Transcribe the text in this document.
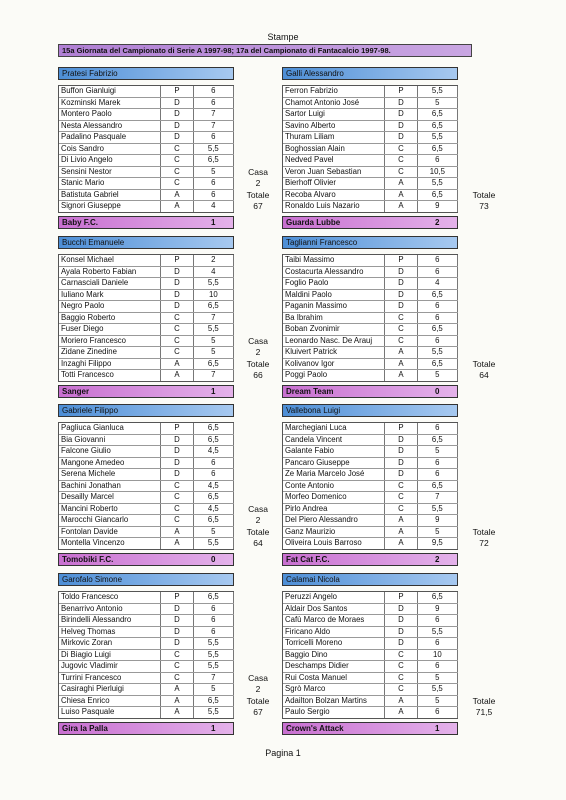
Stampe
15a Giornata del Campionato di Serie A 1997-98; 17a del Campionato di Fantacalcio 1997-98.
Pratesi Fabrizio
Buffon Gianluigi	P	6
Kozminski Marek	D	6
Montero Paolo	D	7
Nesta Alessandro	D	7
Padalino Pasquale	D	6
Cois Sandro	C	5,5
Di Livio Angelo	C	6,5
Sensini Nestor	C	5
Stanic Mario	C	6
Batistuta Gabriel	A	6
Signori Giuseppe	A	4
Baby F.C.	1
Galli Alessandro
Ferron Fabrizio	P	5,5
Chamot Antonio José	D	5
Sartor Luigi	D	6,5
Savino Alberto	D	6,5
Thuram Liliam	D	5,5
Boghossian Alain	C	6,5
Nedved Pavel	C	6
Veron Juan Sebastian	C	10,5
Bierhoff Olivier	A	5,5
Recoba Alvaro	A	6,5
Ronaldo Luis Nazario	A	9
Guarda Lubbe	2
Casa
2
Totale
67
Totale
73
Bucchi Emanuele
Konsel Michael	P	2
Ayala Roberto Fabian	D	4
Carnasciali Daniele	D	5,5
Iuliano Mark	D	10
Negro Paolo	D	6,5
Baggio Roberto	C	7
Fuser Diego	C	5,5
Moriero Francesco	C	5
Zidane Zinedine	C	5
Inzaghi Filippo	A	6,5
Totti Francesco	A	7
Sanger	1
Taglianni Francesco
Taibi Massimo	P	6
Costacurta Alessandro	D	6
Foglio Paolo	D	4
Maldini Paolo	D	6,5
Paganin Massimo	D	6
Ba Ibrahim	C	6
Boban Zvonimir	C	6,5
Leonardo Nasc. De Arauj	C	6
Kluivert Patrick	A	5,5
Kolivanov Igor	A	6,5
Poggi Paolo	A	5
Dream Team	0
Casa
2
Totale
66
Totale
64
Gabriele Filippo
Pagliuca Gianluca	P	6,5
Bia Giovanni	D	6,5
Falcone Giulio	D	4,5
Mangone Amedeo	D	6
Serena Michele	D	6
Bachini Jonathan	C	4,5
Desailly Marcel	C	6,5
Mancini Roberto	C	4,5
Marocchi Giancarlo	C	6,5
Fontolan Davide	A	5
Montella Vincenzo	A	5,5
Tomobiki F.C.	0
Vallebona Luigi
Marchegiani Luca	P	6
Candela Vincent	D	6,5
Galante Fabio	D	5
Pancaro Giuseppe	D	6
Ze Maria Marcelo José	D	6
Conte Antonio	C	6,5
Morfeo Domenico	C	7
Pirlo Andrea	C	5,5
Del Piero Alessandro	A	9
Ganz Maurizio	A	5
Oliveira Louis Barroso	A	9,5
Fat Cat F.C.	2
Casa
2
Totale
64
Totale
72
Garofalo Simone
Toldo Francesco	P	6,5
Benarrivo Antonio	D	6
Birindelli Alessandro	D	6
Helveg Thomas	D	6
Mirkovic Zoran	D	5,5
Di Biagio Luigi	C	5,5
Jugovic Vladimir	C	5,5
Turrini Francesco	C	7
Casiraghi Pierluigi	A	5
Chiesa Enrico	A	6,5
Luiso Pasquale	A	5,5
Gira la Palla	1
Calamai Nicola
Peruzzi Angelo	P	6,5
Aldair Dos Santos	D	9
Cafù Marco de Moraes	D	6
Firicano Aldo	D	5,5
Torricelli Moreno	D	6
Baggio Dino	C	10
Deschamps Didier	C	6
Rui Costa Manuel	C	5
Sgrò Marco	C	5,5
Adailton Bolzan Martins	A	5
Paulo Sergio	A	6
Crown's Attack	1
Casa
2
Totale
67
Totale
71,5
Pagina 1
